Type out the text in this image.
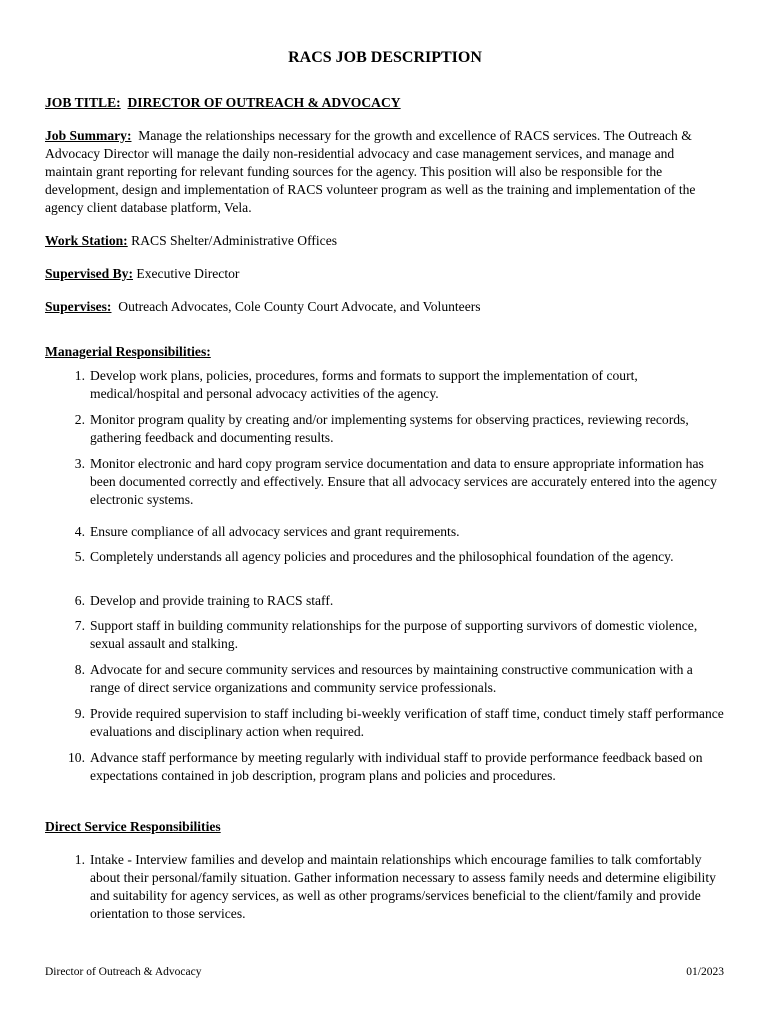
RACS JOB DESCRIPTION

JOB TITLE: DIRECTOR OF OUTREACH & ADVOCACY

Job Summary: Manage the relationships necessary for the growth and excellence of RACS services. The Outreach & Advocacy Director will manage the daily non-residential advocacy and case management services, and manage and maintain grant reporting for relevant funding sources for the agency. This position will also be responsible for the development, design and implementation of RACS volunteer program as well as the training and implementation of the agency client database platform, Vela.

Work Station: RACS Shelter/Administrative Offices

Supervised By: Executive Director

Supervises: Outreach Advocates, Cole County Court Advocate, and Volunteers

Managerial Responsibilities:

1. Develop work plans, policies, procedures, forms and formats to support the implementation of court, medical/hospital and personal advocacy activities of the agency.
2. Monitor program quality by creating and/or implementing systems for observing practices, reviewing records, gathering feedback and documenting results.
3. Monitor electronic and hard copy program service documentation and data to ensure appropriate information has been documented correctly and effectively. Ensure that all advocacy services are accurately entered into the agency electronic systems.
4. Ensure compliance of all advocacy services and grant requirements.
5. Completely understands all agency policies and procedures and the philosophical foundation of the agency.
6. Develop and provide training to RACS staff.
7. Support staff in building community relationships for the purpose of supporting survivors of domestic violence, sexual assault and stalking.
8. Advocate for and secure community services and resources by maintaining constructive communication with a range of direct service organizations and community service professionals.
9. Provide required supervision to staff including bi-weekly verification of staff time, conduct timely staff performance evaluations and disciplinary action when required.
10. Advance staff performance by meeting regularly with individual staff to provide performance feedback based on expectations contained in job description, program plans and policies and procedures.

Direct Service Responsibilities

1. Intake - Interview families and develop and maintain relationships which encourage families to talk comfortably about their personal/family situation. Gather information necessary to assess family needs and determine eligibility and suitability for agency services, as well as other programs/services beneficial to the client/family and provide orientation to those services.
Director of Outreach & Advocacy	01/2023
